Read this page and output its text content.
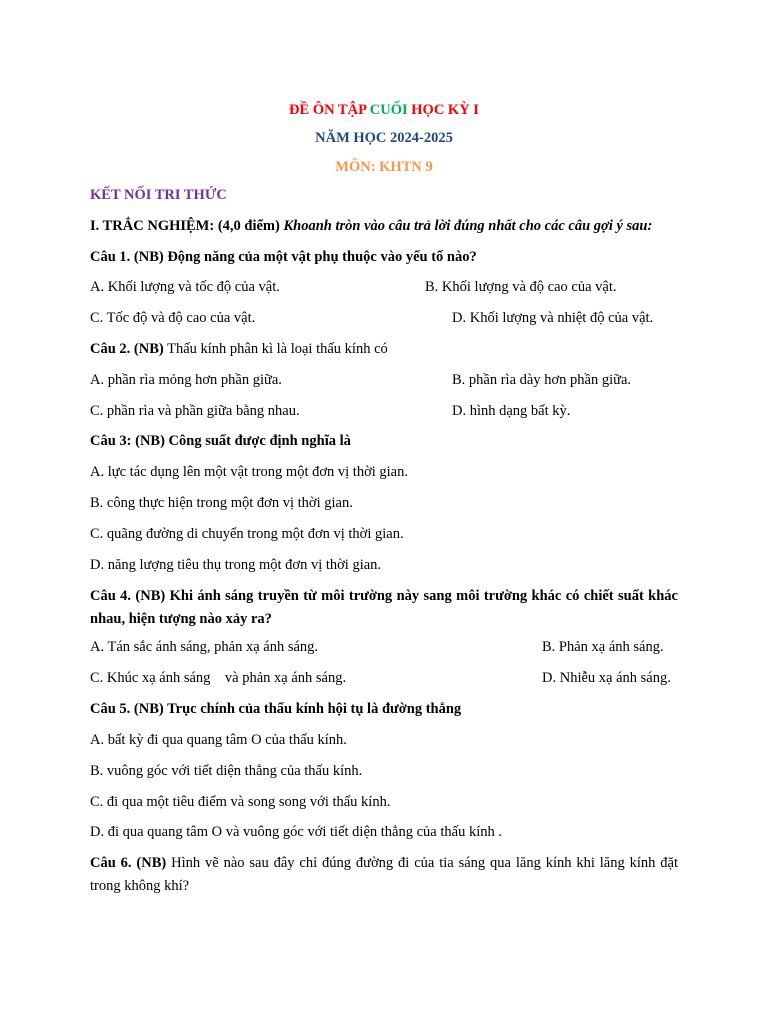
ĐỀ ÔN TẬP CUỐI HỌC KỲ I
NĂM HỌC 2024-2025
MÔN: KHTN 9
KẾT NỐI TRI THỨC
I. TRẮC NGHIỆM: (4,0 điểm) Khoanh tròn vào câu trả lời đúng nhất cho các câu gợi ý sau:
Câu 1. (NB) Động năng của một vật phụ thuộc vào yếu tố nào?
A. Khối lượng và tốc độ của vật.	B. Khối lượng và độ cao của vật.
C. Tốc độ và độ cao của vật.	D. Khối lượng và nhiệt độ của vật.
Câu 2. (NB) Thấu kính phân kì là loại thấu kính có
A. phần rìa mỏng hơn phần giữa.	B. phần rìa dày hơn phần giữa.
C. phần rìa và phần giữa bằng nhau.	D. hình dạng bất kỳ.
Câu 3: (NB) Công suất được định nghĩa là
A. lực tác dụng lên một vật trong một đơn vị thời gian.
B. công thực hiện trong một đơn vị thời gian.
C. quãng đường di chuyển trong một đơn vị thời gian.
D. năng lượng tiêu thụ trong một đơn vị thời gian.
Câu 4. (NB) Khi ánh sáng truyền từ môi trường này sang môi trường khác có chiết suất khác nhau, hiện tượng nào xảy ra?
A. Tán sắc ánh sáng, phản xạ ánh sáng.	B. Phản xạ ánh sáng.
C. Khúc xạ ánh sáng    và phản xạ ánh sáng.	D. Nhiễu xạ ánh sáng.
Câu 5. (NB) Trục chính của thấu kính hội tụ là đường thẳng
A. bất kỳ đi qua quang tâm O của thấu kính.
B. vuông góc với tiết diện thẳng của thấu kính.
C. đi qua một tiêu điểm và song song với thấu kính.
D. đi qua quang tâm O và vuông góc với tiết diện thẳng của thấu kính .
Câu 6. (NB) Hình vẽ nào sau đây chỉ đúng đường đi của tia sáng qua lăng kính khi lăng kính đặt trong không khí?
